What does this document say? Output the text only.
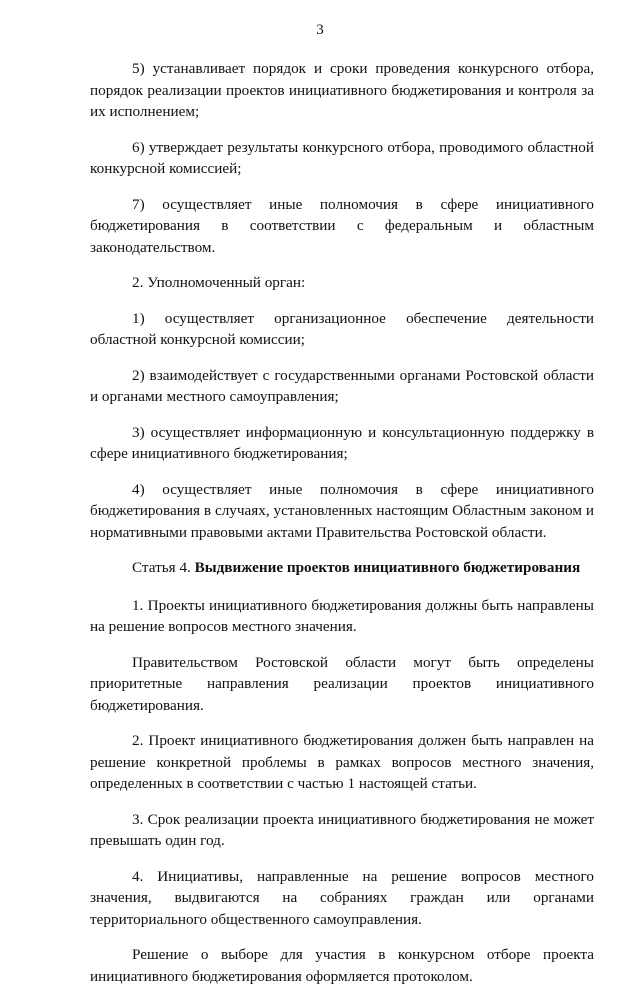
3

5) устанавливает порядок и сроки проведения конкурсного отбора, порядок реализации проектов инициативного бюджетирования и контроля за их исполнением;

6) утверждает результаты конкурсного отбора, проводимого областной конкурсной комиссией;

7) осуществляет иные полномочия в сфере инициативного бюджетирования в соответствии с федеральным и областным законодательством.

2. Уполномоченный орган:

1) осуществляет организационное обеспечение деятельности областной конкурсной комиссии;

2) взаимодействует с государственными органами Ростовской области и органами местного самоуправления;

3) осуществляет информационную и консультационную поддержку в сфере инициативного бюджетирования;

4) осуществляет иные полномочия в сфере инициативного бюджетирования в случаях, установленных настоящим Областным законом и нормативными правовыми актами Правительства Ростовской области.

Статья 4. Выдвижение проектов инициативного бюджетирования

1. Проекты инициативного бюджетирования должны быть направлены на решение вопросов местного значения.

Правительством Ростовской области могут быть определены приоритетные направления реализации проектов инициативного бюджетирования.

2. Проект инициативного бюджетирования должен быть направлен на решение конкретной проблемы в рамках вопросов местного значения, определенных в соответствии с частью 1 настоящей статьи.

3. Срок реализации проекта инициативного бюджетирования не может превышать один год.

4. Инициативы, направленные на решение вопросов местного значения, выдвигаются на собраниях граждан или органами территориального общественного самоуправления.

Решение о выборе для участия в конкурсном отборе проекта инициативного бюджетирования оформляется протоколом.
